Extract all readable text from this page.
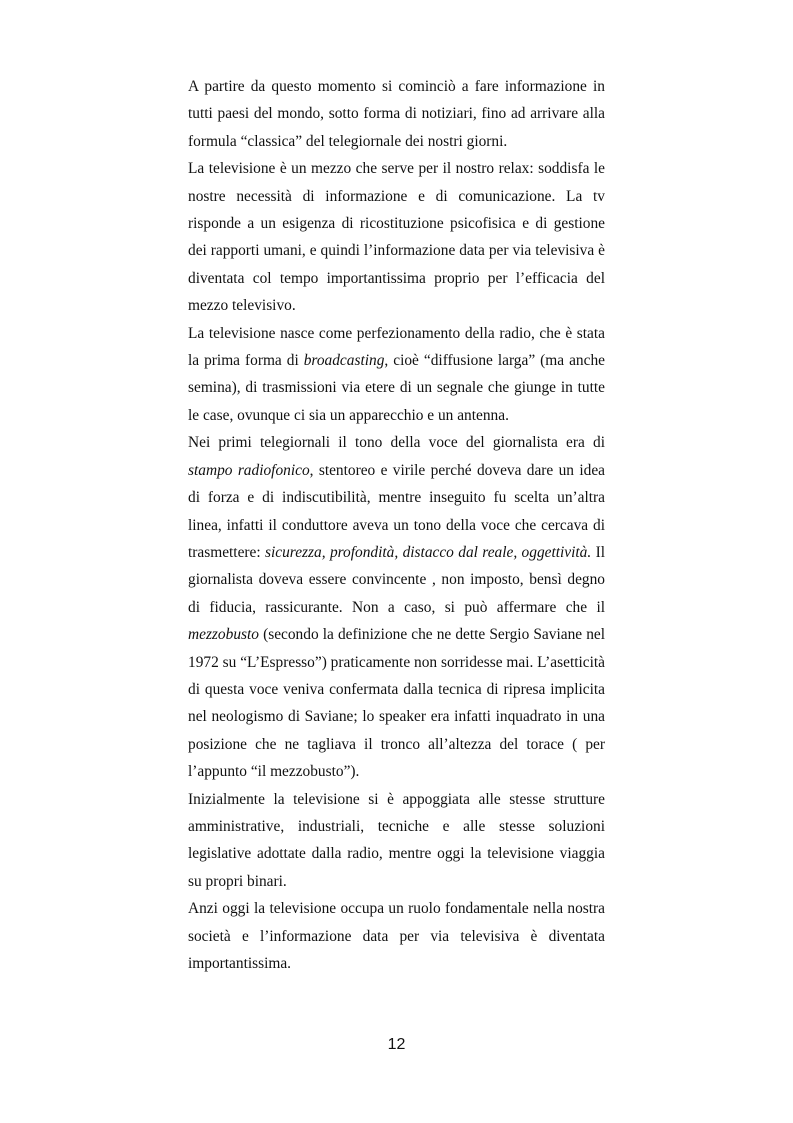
A partire da questo momento si cominciò a fare informazione in tutti paesi del mondo, sotto forma di notiziari, fino ad arrivare alla formula “classica” del telegiornale dei nostri giorni.

La televisione è un mezzo che serve per il nostro relax: soddisfa le nostre necessità di informazione e di comunicazione. La tv risponde a un esigenza di ricostituzione psicofisica e di gestione dei rapporti umani, e quindi l’informazione data per via televisiva è diventata col tempo importantissima proprio per l’efficacia del mezzo televisivo.

La televisione nasce come perfezionamento della radio, che è stata la prima forma di broadcasting, cioè “diffusione larga” (ma anche semina), di trasmissioni via etere di un segnale che giunge in tutte le case, ovunque ci sia un apparecchio e un antenna.

Nei primi telegiornali il tono della voce del giornalista era di stampo radiofonico, stentoreo e virile perché doveva dare un idea di forza e di indiscutibilità, mentre inseguito fu scelta un’altra linea, infatti il conduttore aveva un tono della voce che cercava di trasmettere: sicurezza, profondità, distacco dal reale, oggettività. Il giornalista doveva essere convincente , non imposto, bensì degno di fiducia, rassicurante. Non a caso, si può affermare che il mezzobusto (secondo la definizione che ne dette Sergio Saviane nel 1972 su “L’Espresso”) praticamente non sorridesse mai. L’asetticità di questa voce veniva confermata dalla tecnica di ripresa implicita nel neologismo di Saviane; lo speaker era infatti inquadrato in una posizione che ne tagliava il tronco all’altezza del torace ( per l’appunto “il mezzobusto”).

Inizialmente la televisione si è appoggiata alle stesse strutture amministrative, industriali, tecniche e alle stesse soluzioni legislative adottate dalla radio, mentre oggi la televisione viaggia su propri binari.

Anzi oggi la televisione occupa un ruolo fondamentale nella nostra società e l’informazione data per via televisiva è diventata importantissima.

12
